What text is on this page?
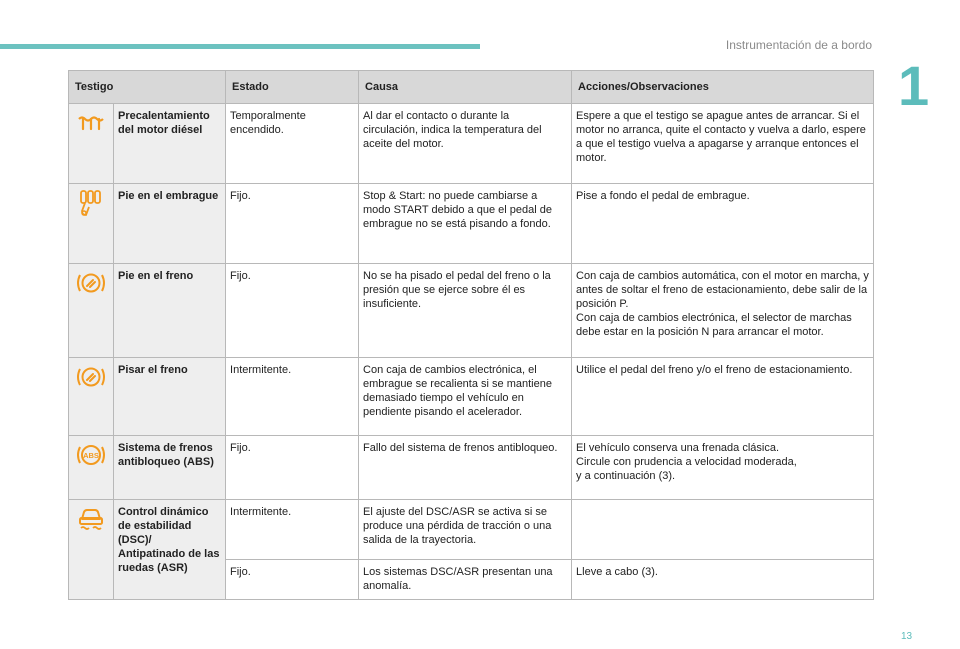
Instrumentación de a bordo
1
Testigo		Estado	Causa	Acciones/Observaciones
	Precalentamiento del motor diésel	Temporalmente encendido.	Al dar el contacto o durante la circulación, indica la temperatura del aceite del motor.	Espere a que el testigo se apague antes de arrancar. Si el motor no arranca, quite el contacto y vuelva a darlo, espere a que el testigo vuelva a apagarse y arranque entonces el motor.
	Pie en el embrague	Fijo.	Stop & Start: no puede cambiarse a modo START debido a que el pedal de embrague no se está pisando a fondo.	Pise a fondo el pedal de embrague.
	Pie en el freno	Fijo.	No se ha pisado el pedal del freno o la presión que se ejerce sobre él es insuficiente.	Con caja de cambios automática, con el motor en marcha, y antes de soltar el freno de estacionamiento, debe salir de la posición P.
Con caja de cambios electrónica, el selector de marchas debe estar en la posición N para arrancar el motor.

	Pisar el freno	Intermitente.	Con caja de cambios electrónica, el embrague se recalienta si se mantiene demasiado tiempo el vehículo en pendiente pisando el acelerador.	Utilice el pedal del freno y/o el freno de estacionamiento.

ABS	Sistema de frenos antibloqueo (ABS)	Fijo.	Fallo del sistema de frenos antibloqueo.	El vehículo conserva una frenada clásica.
Circule con prudencia a velocidad moderada,
y a continuación (3).

	Control dinámico de estabilidad (DSC)/ Antipatinado de las ruedas (ASR)	Intermitente.	El ajuste del DSC/ASR se activa si se produce una pérdida de tracción o una salida de la trayectoria.	
		Fijo.	Los sistemas DSC/ASR presentan una anomalía.	Lleve a cabo (3).
13
